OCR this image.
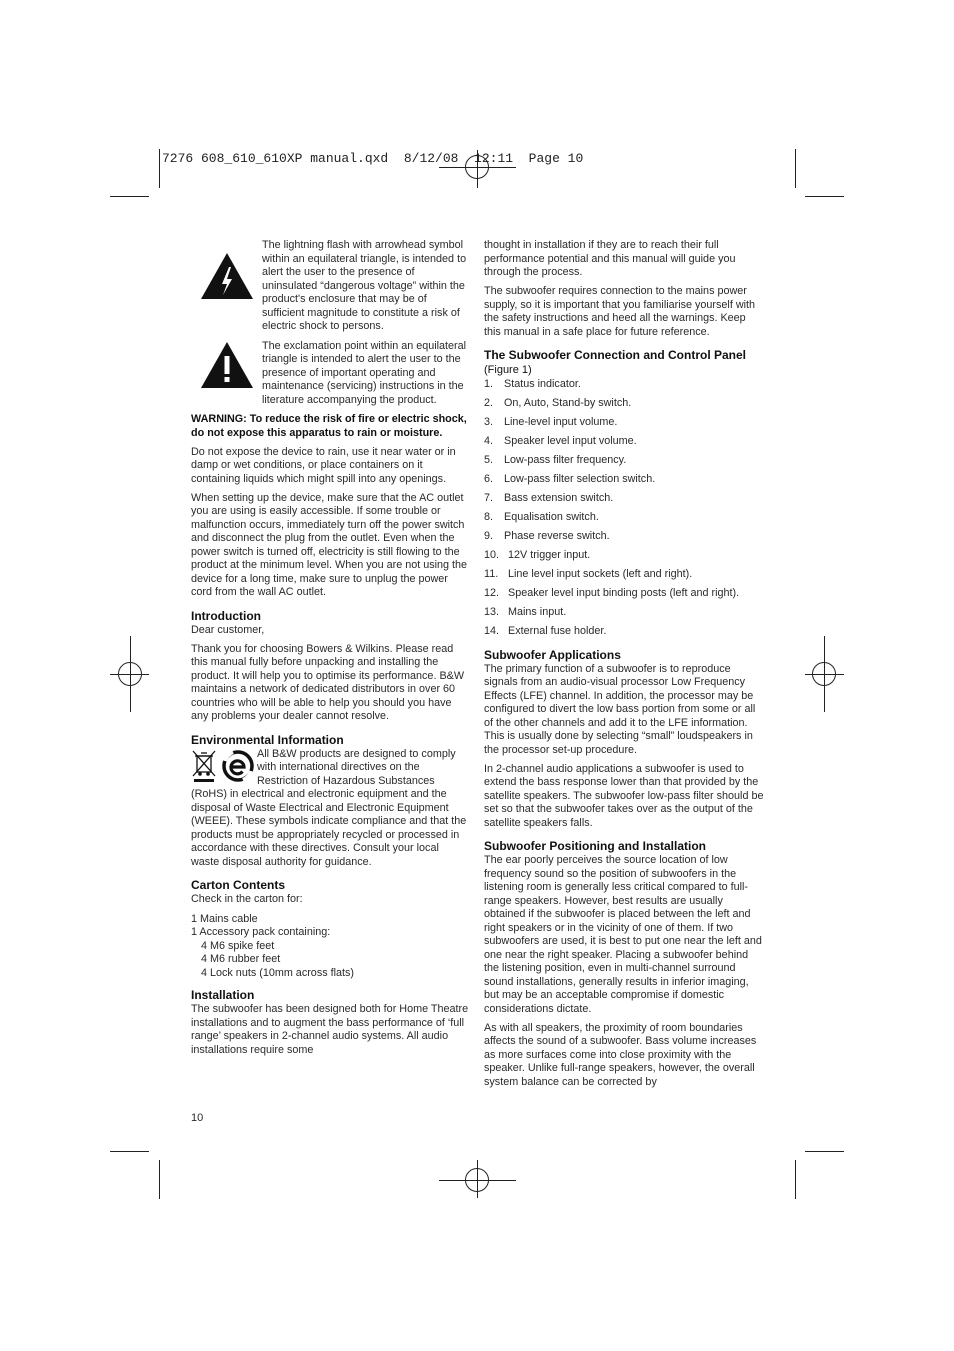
7276 608_610_610XP manual.qxd  8/12/08  12:11  Page 10
The lightning flash with arrowhead symbol within an equilateral triangle, is intended to alert the user to the presence of uninsulated “dangerous voltage” within the product's enclosure that may be of sufficient magnitude to constitute a risk of electric shock to persons.
The exclamation point within an equilateral triangle is intended to alert the user to the presence of important operating and maintenance (servicing) instructions in the literature accompanying the product.

WARNING: To reduce the risk of fire or electric shock, do not expose this apparatus to rain or moisture.

Do not expose the device to rain, use it near water or in damp or wet conditions, or place containers on it containing liquids which might spill into any openings.

When setting up the device, make sure that the AC outlet you are using is easily accessible. If some trouble or malfunction occurs, immediately turn off the power switch and disconnect the plug from the outlet. Even when the power switch is turned off, electricity is still flowing to the product at the minimum level. When you are not using the device for a long time, make sure to unplug the power cord from the wall AC outlet.

Introduction

Dear customer,

Thank you for choosing Bowers & Wilkins. Please read this manual fully before unpacking and installing the product. It will help you to optimise its performance. B&W maintains a network of dedicated distributors in over 60 countries who will be able to help you should you have any problems your dealer cannot resolve.

Environmental Information

All B&W products are designed to comply with international directives on the Restriction of Hazardous Substances (RoHS) in electrical and electronic equipment and the disposal of Waste Electrical and Electronic Equipment (WEEE). These symbols indicate compliance and that the products must be appropriately recycled or processed in accordance with these directives. Consult your local waste disposal authority for guidance.

Carton Contents

Check in the carton for:

1 Mains cable
1 Accessory pack containing:
4 M6 spike feet
4 M6 rubber feet
4 Lock nuts (10mm across flats)
Installation

The subwoofer has been designed both for Home Theatre installations and to augment the bass performance of ‘full range’ speakers in 2-channel audio systems. All audio installations require some

thought in installation if they are to reach their full performance potential and this manual will guide you through the process.

The subwoofer requires connection to the mains power supply, so it is important that you familiarise yourself with the safety instructions and heed all the warnings. Keep this manual in a safe place for future reference.

The Subwoofer Connection and Control Panel (Figure 1)
1.	Status indicator.
2.	On, Auto, Stand-by switch.
3.	Line-level input volume.
4.	Speaker level input volume.
5.	Low-pass filter frequency.
6.	Low-pass filter selection switch.
7.	Bass extension switch.
8.	Equalisation switch.
9.	Phase reverse switch.
10. 12V trigger input.
11. Line level input sockets (left and right).
12. Speaker level input binding posts (left and right).
13. Mains input.
14. External fuse holder.
Subwoofer Applications

The primary function of a subwoofer is to reproduce signals from an audio-visual processor Low Frequency Effects (LFE) channel. In addition, the processor may be configured to divert the low bass portion from some or all of the other channels and add it to the LFE information. This is usually done by selecting “small” loudspeakers in the processor set-up procedure.

In 2-channel audio applications a subwoofer is used to extend the bass response lower than that provided by the satellite speakers. The subwoofer low-pass filter should be set so that the subwoofer takes over as the output of the satellite speakers falls.

Subwoofer Positioning and Installation

The ear poorly perceives the source location of low frequency sound so the position of subwoofers in the listening room is generally less critical compared to full-range speakers. However, best results are usually obtained if the subwoofer is placed between the left and right speakers or in the vicinity of one of them. If two subwoofers are used, it is best to put one near the left and one near the right speaker. Placing a subwoofer behind the listening position, even in multi-channel surround sound installations, generally results in inferior imaging, but may be an acceptable compromise if domestic considerations dictate.

As with all speakers, the proximity of room boundaries affects the sound of a subwoofer. Bass volume increases as more surfaces come into close proximity with the speaker. Unlike full-range speakers, however, the overall system balance can be corrected by

10
